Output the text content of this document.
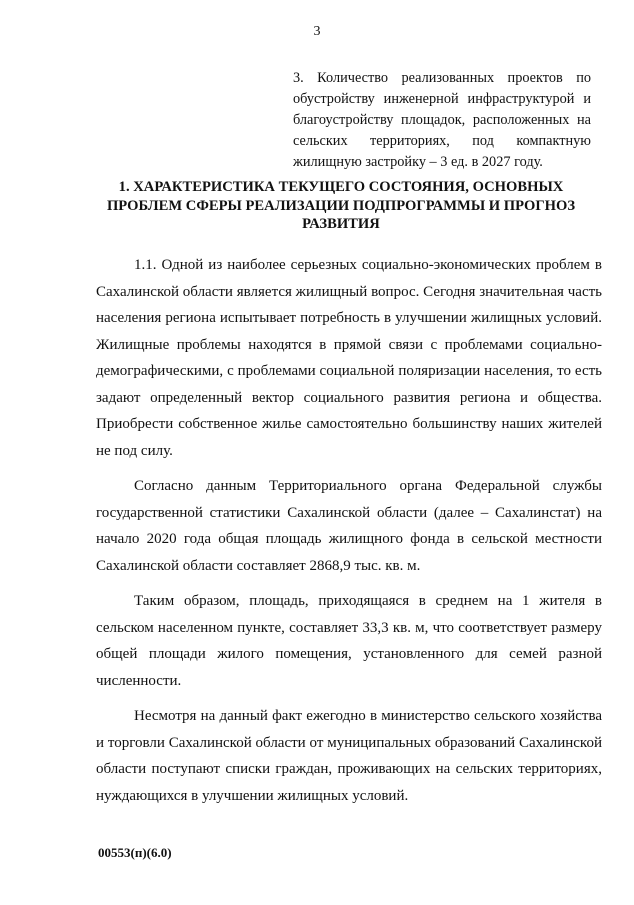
3
3. Количество реализованных проектов по обустройству инженерной инфраструктурой и благоустройству площадок, расположенных на сельских территориях, под компактную жилищную застройку – 3 ед. в 2027 году.
1. ХАРАКТЕРИСТИКА ТЕКУЩЕГО СОСТОЯНИЯ, ОСНОВНЫХ ПРОБЛЕМ СФЕРЫ РЕАЛИЗАЦИИ ПОДПРОГРАММЫ И ПРОГНОЗ РАЗВИТИЯ

1.1. Одной из наиболее серьезных социально-экономических проблем в Сахалинской области является жилищный вопрос. Сегодня значительная часть населения региона испытывает потребность в улучшении жилищных условий. Жилищные проблемы находятся в прямой связи с проблемами социально-демографическими, с проблемами социальной поляризации населения, то есть задают определенный вектор социального развития региона и общества. Приобрести собственное жилье самостоятельно большинству наших жителей не под силу.

Согласно данным Территориального органа Федеральной службы государственной статистики Сахалинской области (далее – Сахалинстат) на начало 2020 года общая площадь жилищного фонда в сельской местности Сахалинской области составляет 2868,9 тыс. кв. м.

Таким образом, площадь, приходящаяся в среднем на 1 жителя в сельском населенном пункте, составляет 33,3 кв. м, что соответствует размеру общей площади жилого помещения, установленного для семей разной численности.

Несмотря на данный факт ежегодно в министерство сельского хозяйства и торговли Сахалинской области от муниципальных образований Сахалинской области поступают списки граждан, проживающих на сельских территориях, нуждающихся в улучшении жилищных условий.

00553(п)(6.0)
